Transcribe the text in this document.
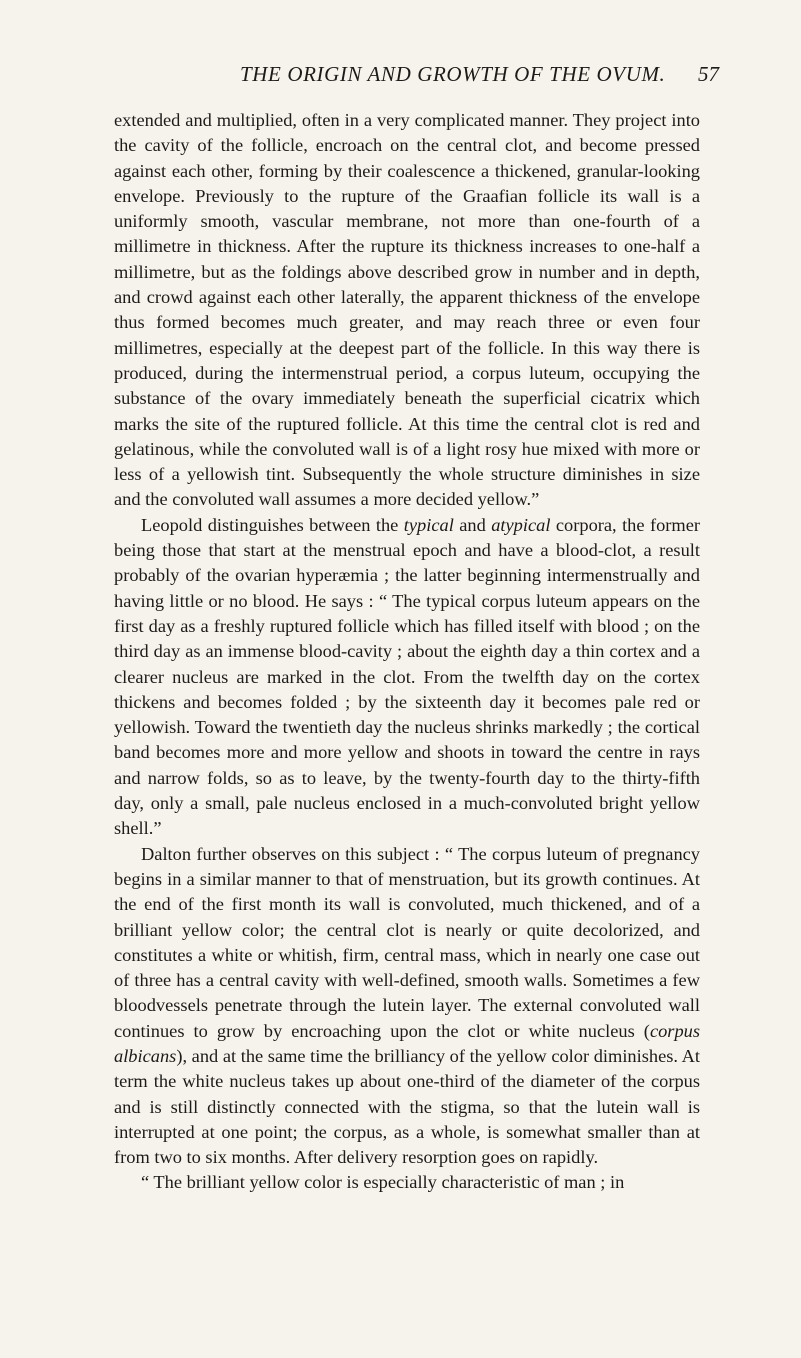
THE ORIGIN AND GROWTH OF THE OVUM. 57

extended and multiplied, often in a very complicated manner. They project into the cavity of the follicle, encroach on the central clot, and become pressed against each other, forming by their coalescence a thickened, granular-looking envelope. Previously to the rupture of the Graafian follicle its wall is a uniformly smooth, vascular membrane, not more than one-fourth of a millimetre in thickness. After the rupture its thickness increases to one-half a millimetre, but as the foldings above described grow in number and in depth, and crowd against each other laterally, the apparent thickness of the envelope thus formed becomes much greater, and may reach three or even four millimetres, especially at the deepest part of the follicle. In this way there is produced, during the intermenstrual period, a corpus luteum, occupying the substance of the ovary immediately beneath the superficial cicatrix which marks the site of the ruptured follicle. At this time the central clot is red and gelatinous, while the convoluted wall is of a light rosy hue mixed with more or less of a yellowish tint. Subsequently the whole structure diminishes in size and the convoluted wall assumes a more decided yellow.”

Leopold distinguishes between the typical and atypical corpora, the former being those that start at the menstrual epoch and have a blood-clot, a result probably of the ovarian hyperæmia ; the latter beginning intermenstrually and having little or no blood. He says : “ The typical corpus luteum appears on the first day as a freshly ruptured follicle which has filled itself with blood ; on the third day as an immense blood-cavity ; about the eighth day a thin cortex and a clearer nucleus are marked in the clot. From the twelfth day on the cortex thickens and becomes folded ; by the sixteenth day it becomes pale red or yellowish. Toward the twentieth day the nucleus shrinks markedly ; the cortical band becomes more and more yellow and shoots in toward the centre in rays and narrow folds, so as to leave, by the twenty-fourth day to the thirty-fifth day, only a small, pale nucleus enclosed in a much-convoluted bright yellow shell.”

Dalton further observes on this subject : “ The corpus luteum of pregnancy begins in a similar manner to that of menstruation, but its growth continues. At the end of the first month its wall is convoluted, much thickened, and of a brilliant yellow color; the central clot is nearly or quite decolorized, and constitutes a white or whitish, firm, central mass, which in nearly one case out of three has a central cavity with well-defined, smooth walls. Sometimes a few bloodvessels penetrate through the lutein layer. The external convoluted wall continues to grow by encroaching upon the clot or white nucleus (corpus albicans), and at the same time the brilliancy of the yellow color diminishes. At term the white nucleus takes up about one-third of the diameter of the corpus and is still distinctly connected with the stigma, so that the lutein wall is interrupted at one point; the corpus, as a whole, is somewhat smaller than at from two to six months. After delivery resorption goes on rapidly.

“ The brilliant yellow color is especially characteristic of man ; in
